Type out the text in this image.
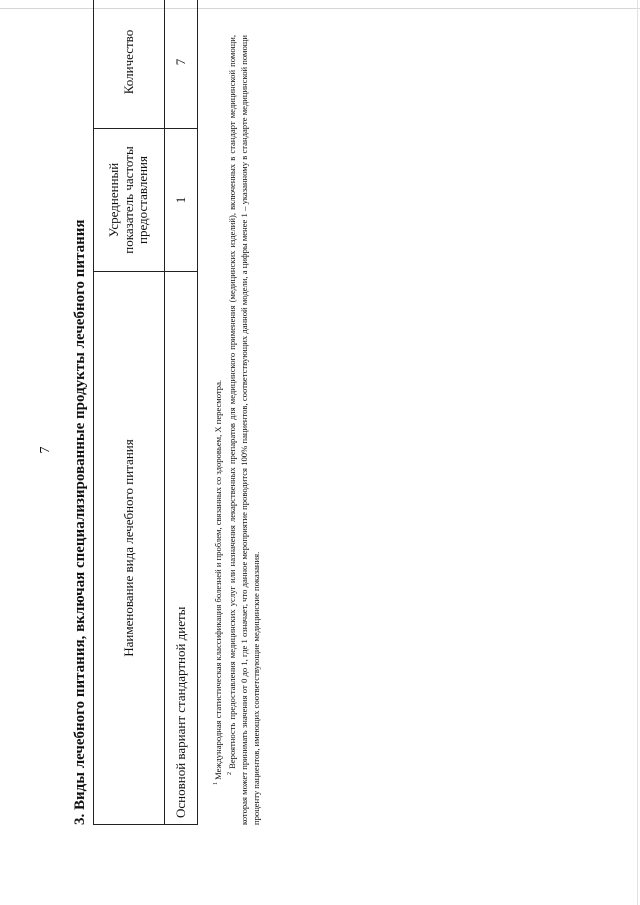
7 3. Виды лечебного питания, включая специализированные продукты лечебного питания	Наименование вида лечебного питания	Усредненный показатель частоты предоставления	Количество
Основной вариант стандартной диеты	1	7

$^1$ Международная статистическая классификация болезней и проблем, связанных со здоровьем, X пересмотра. $^2$ Вероятность предоставления медицинских услуг или назначения лекарственных препаратов для медицинского применения (медицинских изделий), включенных в стандарт медицинской помощи, которая может принимать значения от 0 до 1, где 1 означает, что данное мероприятие проводится 100% пациентов, соответствующих данной модели, а цифры менее 1 – указанному в стандарте медицинской помощи проценту пациентов, имеющих соответствующие медицинские показания.
